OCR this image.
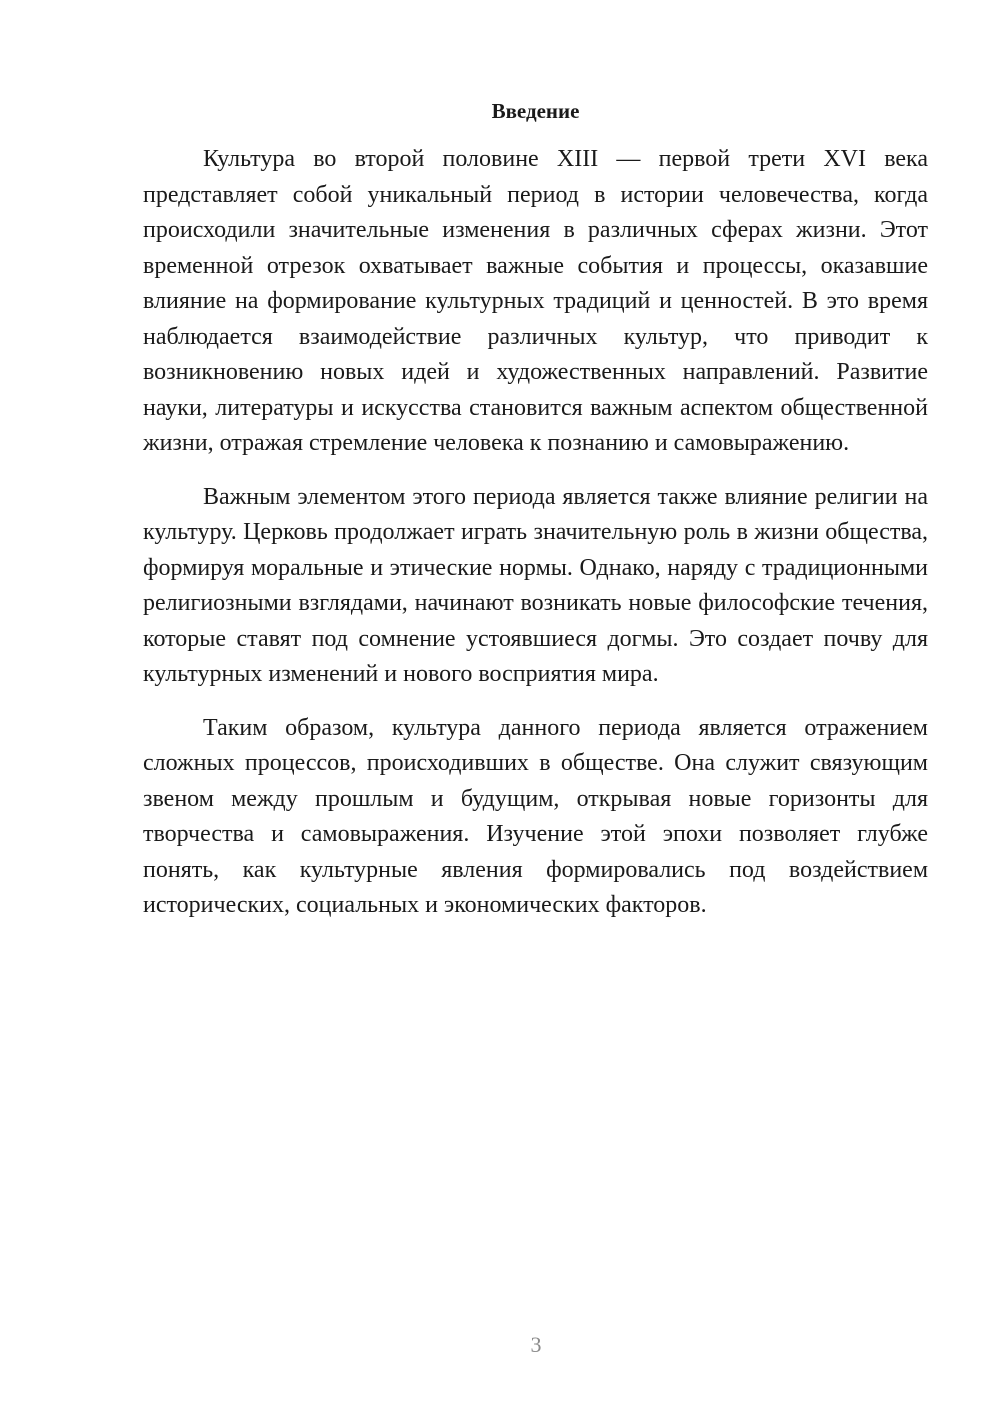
Введение

Культура во второй половине XIII — первой трети XVI века представляет собой уникальный период в истории человечества, когда происходили значительные изменения в различных сферах жизни. Этот временной отрезок охватывает важные события и процессы, оказавшие влияние на формирование культурных традиций и ценностей. В это время наблюдается взаимодействие различных культур, что приводит к возникновению новых идей и художественных направлений. Развитие науки, литературы и искусства становится важным аспектом общественной жизни, отражая стремление человека к познанию и самовыражению.

Важным элементом этого периода является также влияние религии на культуру. Церковь продолжает играть значительную роль в жизни общества, формируя моральные и этические нормы. Однако, наряду с традиционными религиозными взглядами, начинают возникать новые философские течения, которые ставят под сомнение устоявшиеся догмы. Это создает почву для культурных изменений и нового восприятия мира.

Таким образом, культура данного периода является отражением сложных процессов, происходивших в обществе. Она служит связующим звеном между прошлым и будущим, открывая новые горизонты для творчества и самовыражения. Изучение этой эпохи позволяет глубже понять, как культурные явления формировались под воздействием исторических, социальных и экономических факторов.

3
